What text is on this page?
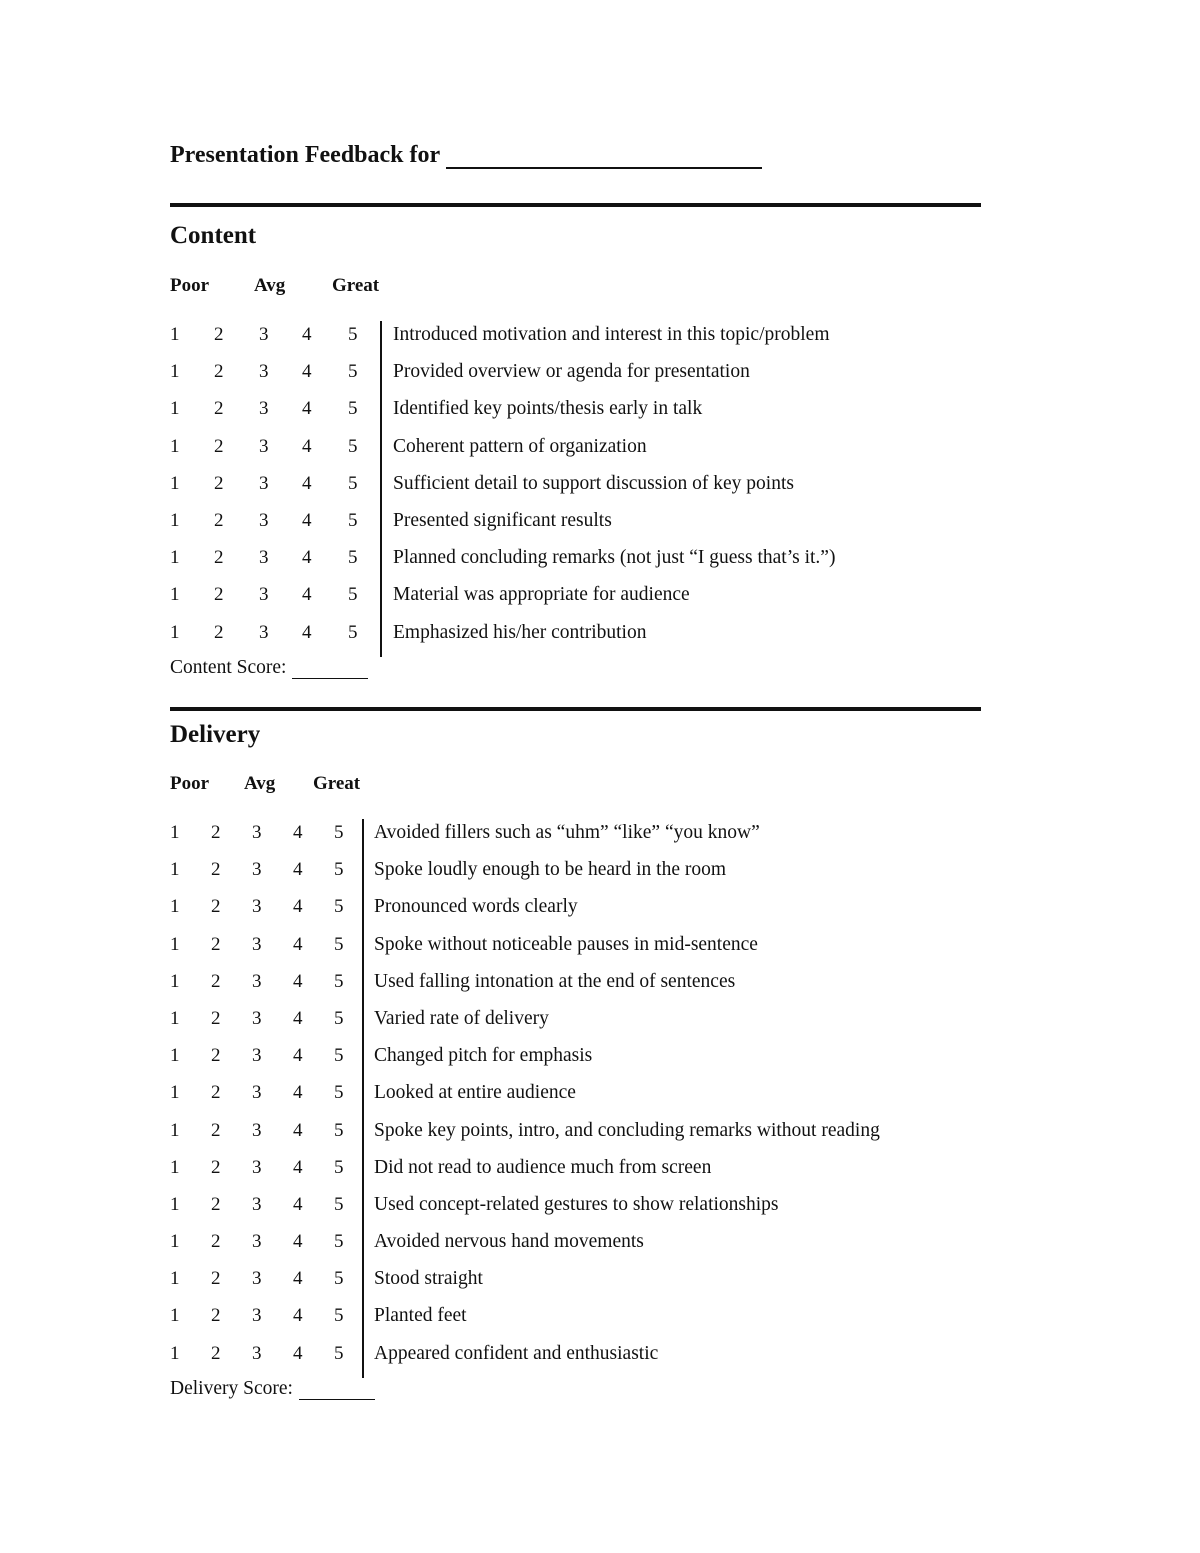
Presentation Feedback for
Content
Poor Avg Great
1 2 3 4 5 Introduced motivation and interest in this topic/problem
1 2 3 4 5 Provided overview or agenda for presentation
1 2 3 4 5 Identified key points/thesis early in talk
1 2 3 4 5 Coherent pattern of organization
1 2 3 4 5 Sufficient detail to support discussion of key points
1 2 3 4 5 Presented significant results
1 2 3 4 5 Planned concluding remarks (not just “I guess that’s it.”)
1 2 3 4 5 Material was appropriate for audience
1 2 3 4 5 Emphasized his/her contribution
Content Score:
Delivery
Poor Avg Great
1 2 3 4 5 Avoided fillers such as “uhm” “like” “you know”
1 2 3 4 5 Spoke loudly enough to be heard in the room
1 2 3 4 5 Pronounced words clearly
1 2 3 4 5 Spoke without noticeable pauses in mid-sentence
1 2 3 4 5 Used falling intonation at the end of sentences
1 2 3 4 5 Varied rate of delivery
1 2 3 4 5 Changed pitch for emphasis
1 2 3 4 5 Looked at entire audience
1 2 3 4 5 Spoke key points, intro, and concluding remarks without reading
1 2 3 4 5 Did not read to audience much from screen
1 2 3 4 5 Used concept-related gestures to show relationships
1 2 3 4 5 Avoided nervous hand movements
1 2 3 4 5 Stood straight
1 2 3 4 5 Planted feet
1 2 3 4 5 Appeared confident and enthusiastic
Delivery Score:
